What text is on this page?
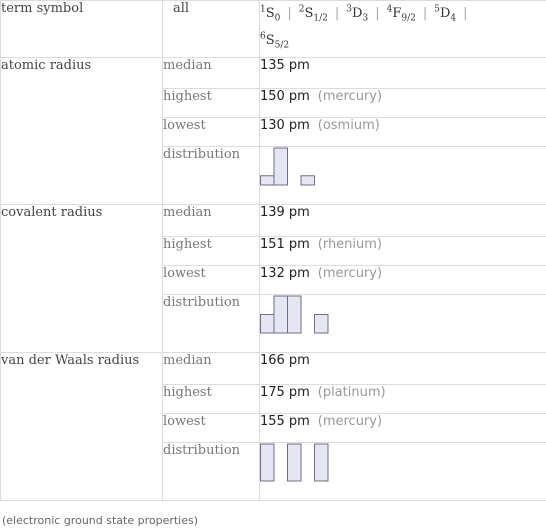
term symbol	all	$^1S_0$ | $^2S_{1/2}$ | $^3D_3$ | $^4F_{9/2}$ | $^5D_4$ |
$^6S_{5/2}$
atomic radius	median	135 pm
	highest	150 pm (mercury)
	lowest	130 pm (osmium)
	distribution	

covalent radius	median	139 pm
	highest	151 pm (rhenium)
	lowest	132 pm (mercury)
	distribution	

van der Waals radius	median	166 pm
	highest	175 pm (platinum)
	lowest	155 pm (mercury)
	distribution	
(electronic ground state properties)
